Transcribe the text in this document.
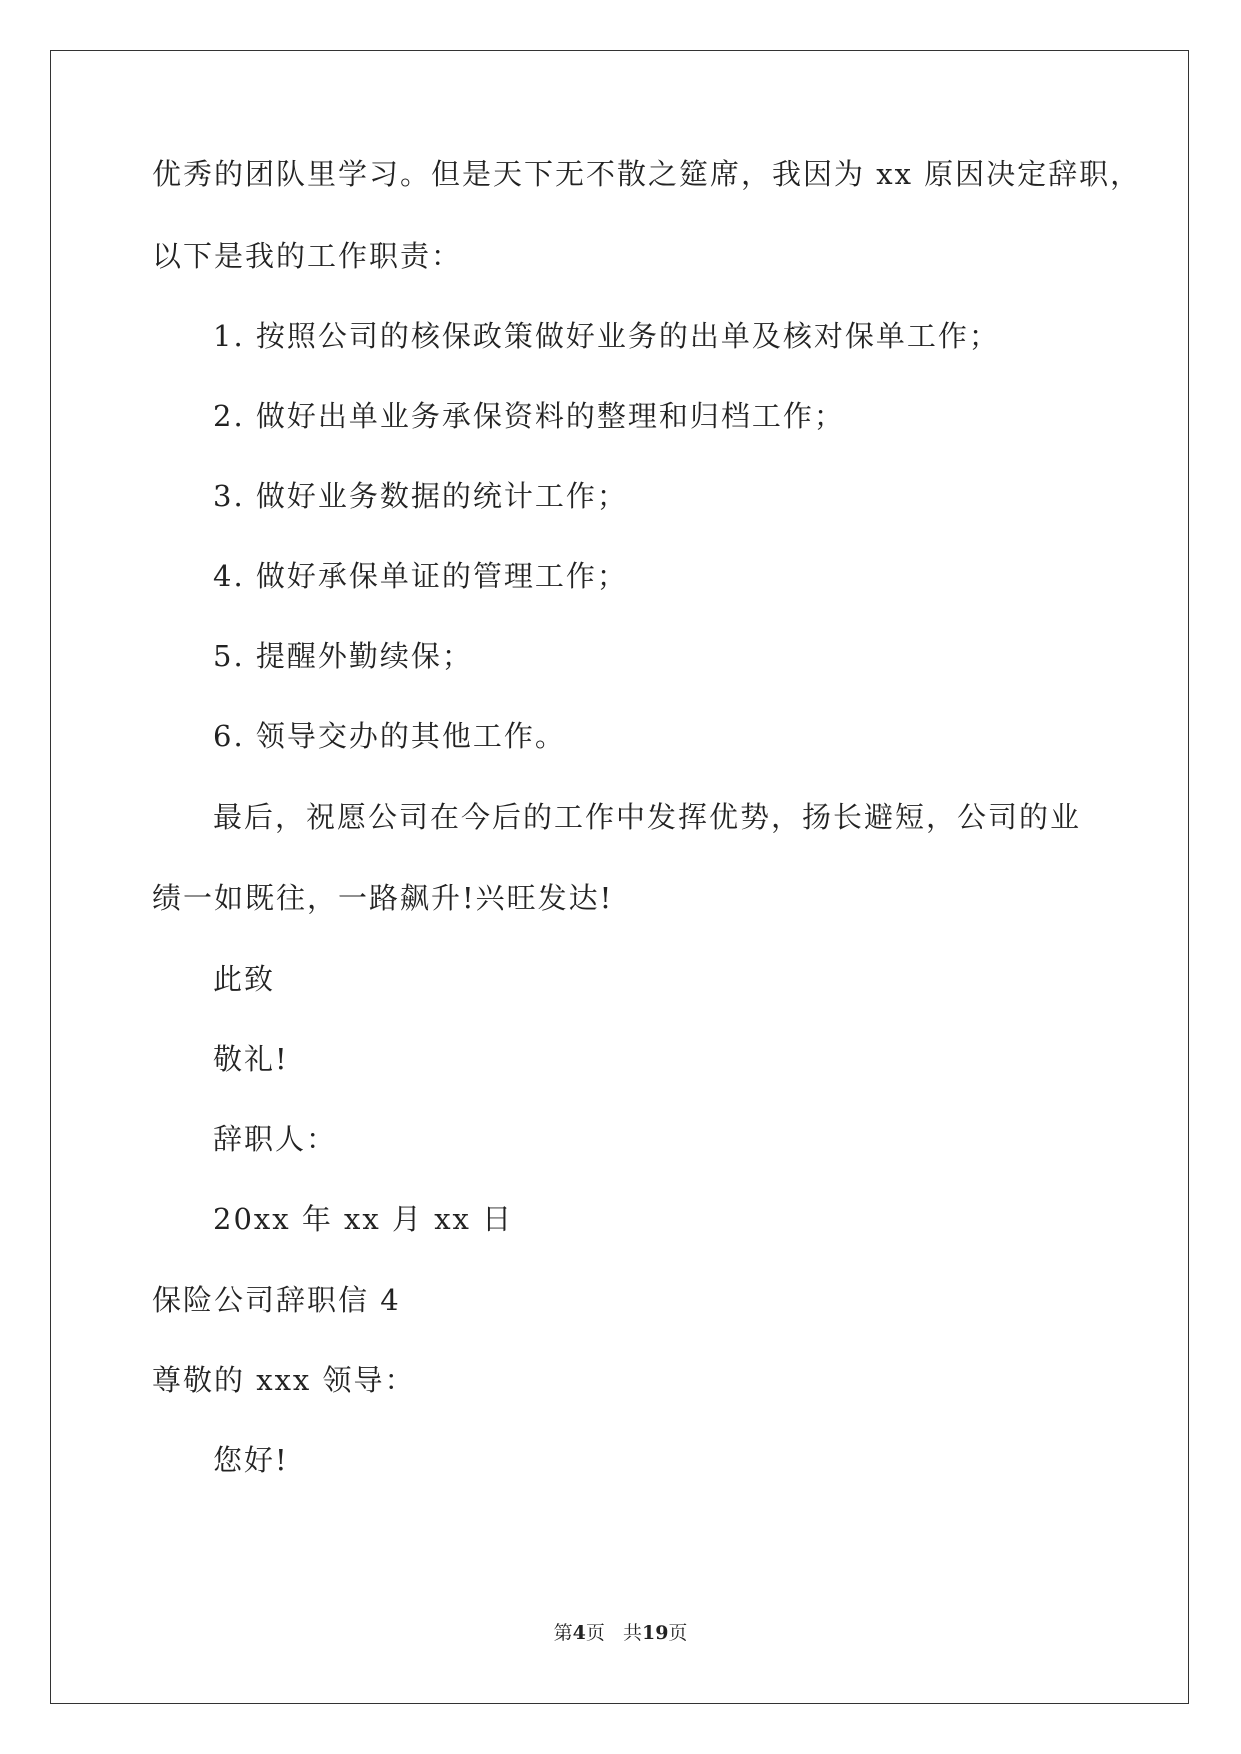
优秀的团队里学习。但是天下无不散之筵席，我因为 xx 原因决定辞职，
以下是我的工作职责：
1. 按照公司的核保政策做好业务的出单及核对保单工作；
2. 做好出单业务承保资料的整理和归档工作；
3. 做好业务数据的统计工作；
4. 做好承保单证的管理工作；
5. 提醒外勤续保；
6. 领导交办的其他工作。
最后，祝愿公司在今后的工作中发挥优势，扬长避短，公司的业
绩一如既往，一路飙升!兴旺发达!
此致
敬礼!
辞职人：
20xx 年 xx 月 xx 日
保险公司辞职信 4
尊敬的 xxx 领导：
您好!
第4页 共19页
